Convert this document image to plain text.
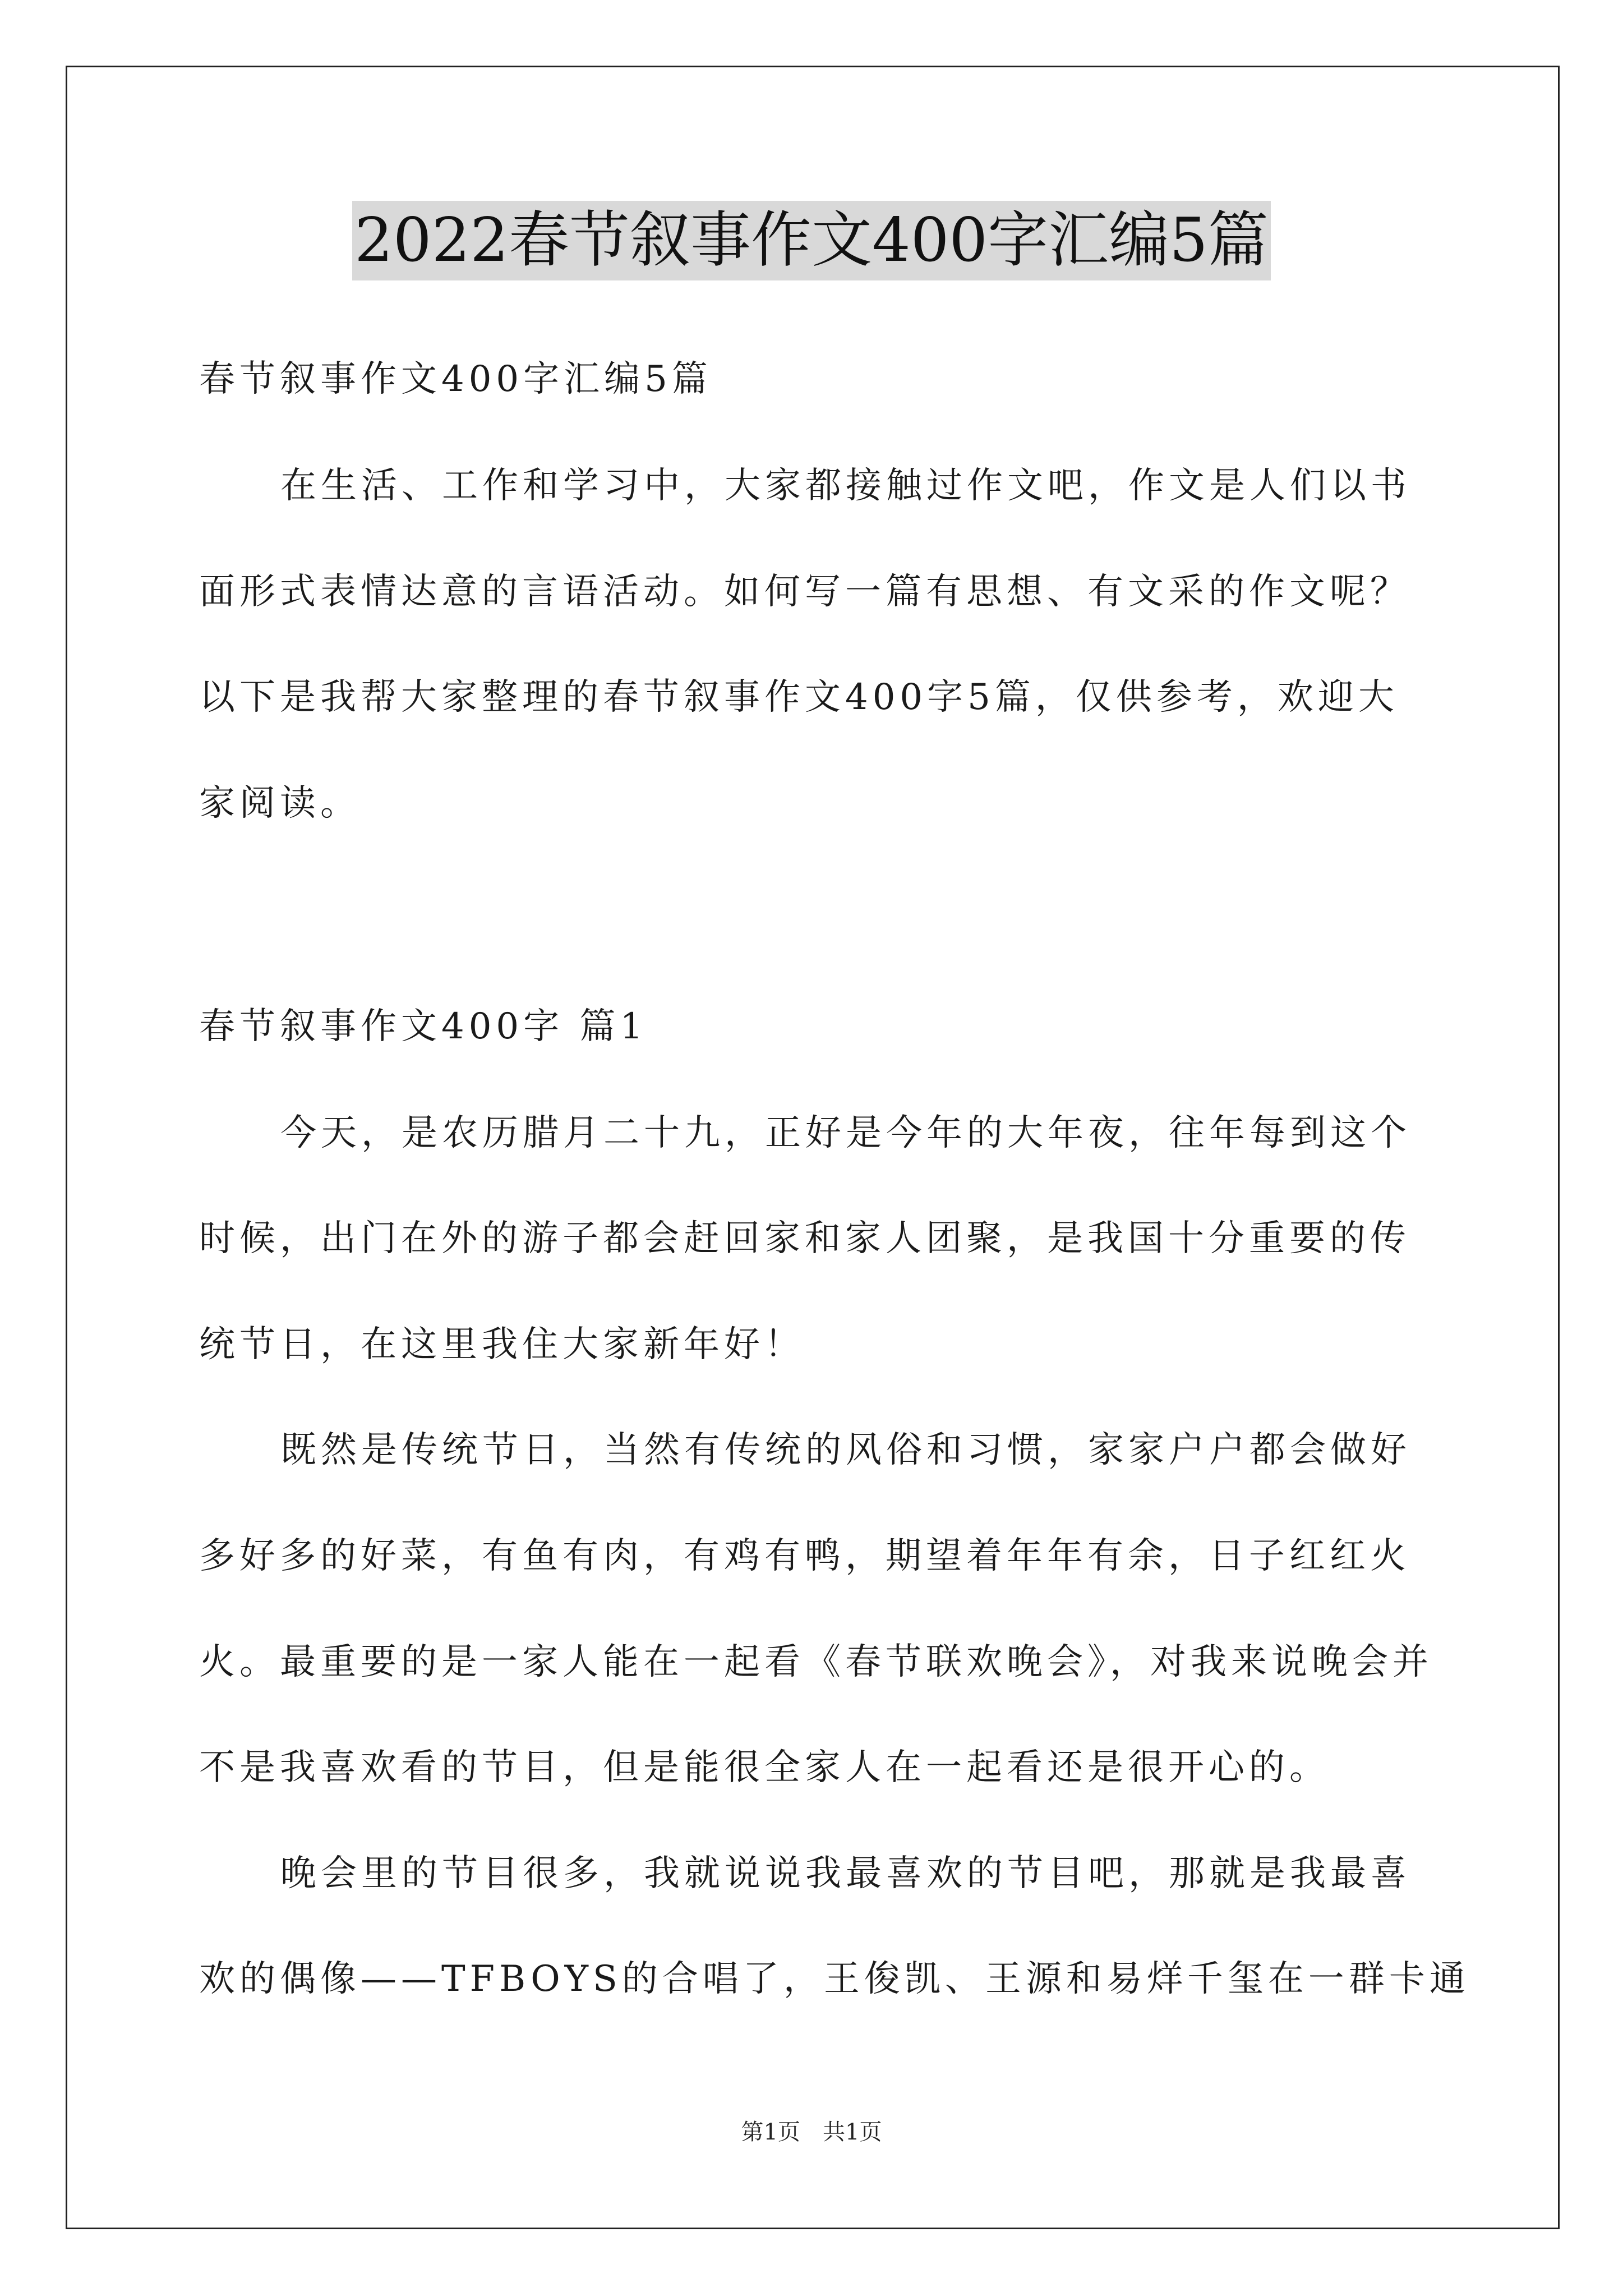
2022春节叙事作文400字汇编5篇
春节叙事作文400字汇编5篇
在生活、工作和学习中，大家都接触过作文吧，作文是人们以书
面形式表情达意的言语活动。如何写一篇有思想、有文采的作文呢？
以下是我帮大家整理的春节叙事作文400字5篇，仅供参考，欢迎大
家阅读。
春节叙事作文400字 篇1
今天，是农历腊月二十九，正好是今年的大年夜，往年每到这个
时候，出门在外的游子都会赶回家和家人团聚，是我国十分重要的传
统节日，在这里我住大家新年好！
既然是传统节日，当然有传统的风俗和习惯，家家户户都会做好
多好多的好菜，有鱼有肉，有鸡有鸭，期望着年年有余，日子红红火
火。最重要的是一家人能在一起看《春节联欢晚会》，对我来说晚会并
不是我喜欢看的节目，但是能很全家人在一起看还是很开心的。
晚会里的节目很多，我就说说我最喜欢的节目吧，那就是我最喜
欢的偶像——TFBOYS的合唱了，王俊凯、王源和易烊千玺在一群卡通
第1页　共1页
